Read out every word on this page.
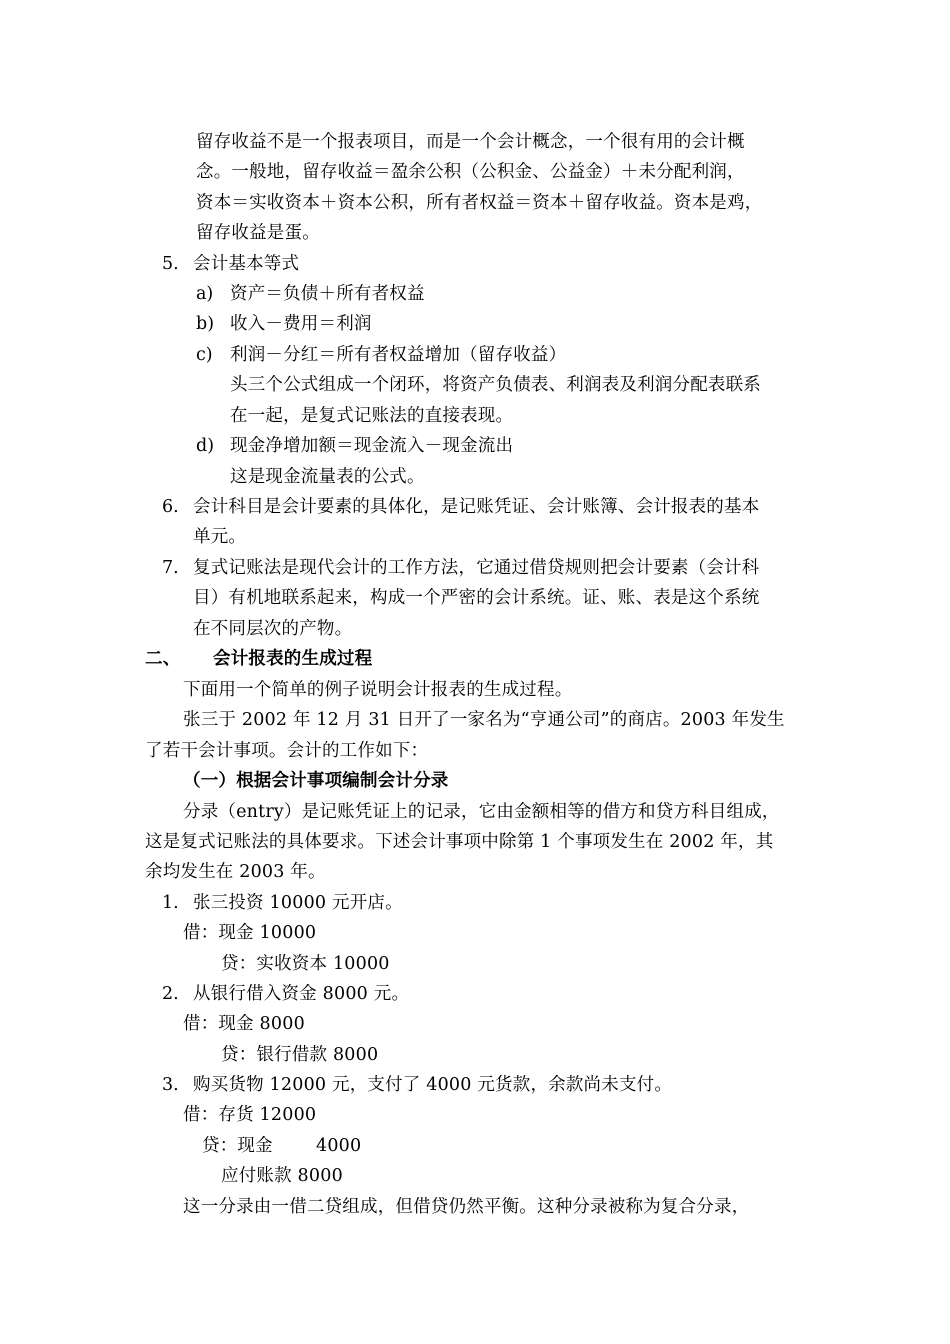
留存收益不是一个报表项目，而是一个会计概念，一个很有用的会计概
念。一般地，留存收益＝盈余公积（公积金、公益金）＋未分配利润，
资本＝实收资本＋资本公积，所有者权益＝资本＋留存收益。资本是鸡，
留存收益是蛋。
5. 会计基本等式
a) 资产＝负债＋所有者权益
b) 收入－费用＝利润
c) 利润－分红＝所有者权益增加（留存收益）
头三个公式组成一个闭环，将资产负债表、利润表及利润分配表联系
在一起，是复式记账法的直接表现。
d) 现金净增加额＝现金流入－现金流出
这是现金流量表的公式。
6. 会计科目是会计要素的具体化，是记账凭证、会计账簿、会计报表的基本
单元。
7. 复式记账法是现代会计的工作方法，它通过借贷规则把会计要素（会计科
目）有机地联系起来，构成一个严密的会计系统。证、账、表是这个系统
在不同层次的产物。
二、 会计报表的生成过程
下面用一个简单的例子说明会计报表的生成过程。
张三于 2002 年 12 月 31 日开了一家名为“亨通公司”的商店。2003 年发生
了若干会计事项。会计的工作如下：
（一）根据会计事项编制会计分录
分录（entry）是记账凭证上的记录，它由金额相等的借方和贷方科目组成，
这是复式记账法的具体要求。下述会计事项中除第 1 个事项发生在 2002 年，其
余均发生在 2003 年。
1. 张三投资 10000 元开店。
借：现金 10000
贷：实收资本 10000
2. 从银行借入资金 8000 元。
借：现金 8000
贷：银行借款 8000
3. 购买货物 12000 元，支付了 4000 元货款，余款尚未支付。
借：存货 12000
贷：现金 4000
应付账款 8000
这一分录由一借二贷组成，但借贷仍然平衡。这种分录被称为复合分录，
